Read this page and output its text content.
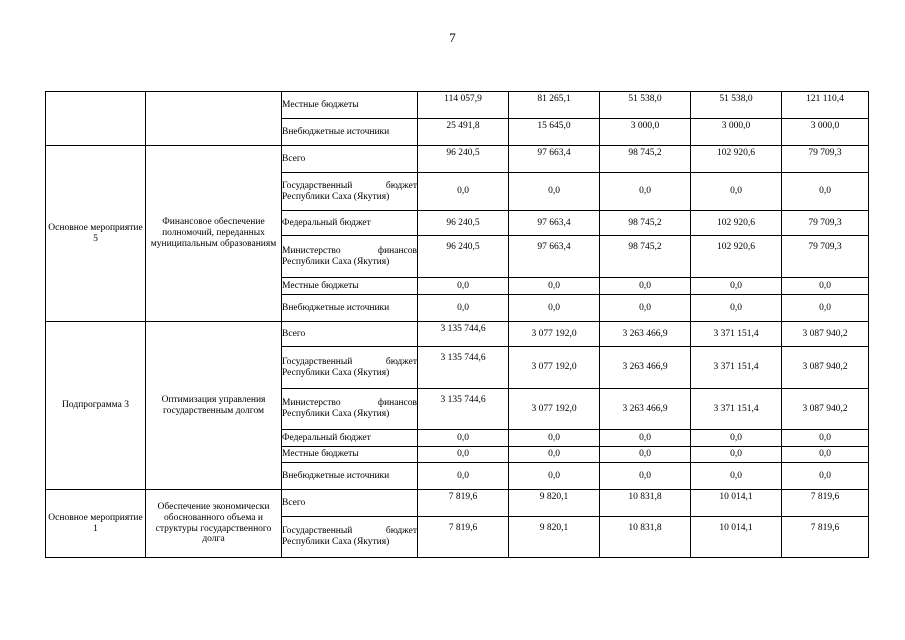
7
		Местные бюджеты	114 057,9	81 265,1	51 538,0	51 538,0	121 110,4
		Внебюджетные источники	25 491,8	15 645,0	3 000,0	3 000,0	3 000,0
Основное мероприятие 5	Финансовое обеспечение полномочий, переданных муниципальным образованиям	Всего	96 240,5	97 663,4	98 745,2	102 920,6	79 709,3
		Государственный бюджет Республики Саха (Якутия)	0,0	0,0	0,0	0,0	0,0
		Федеральный бюджет	96 240,5	97 663,4	98 745,2	102 920,6	79 709,3
		Министерство финансов Республики Саха (Якутия)	96 240,5	97 663,4	98 745,2	102 920,6	79 709,3
		Местные бюджеты	0,0	0,0	0,0	0,0	0,0
		Внебюджетные источники	0,0	0,0	0,0	0,0	0,0
Подпрограмма 3	Оптимизация управления государственным долгом	Всего	3 135 744,6	3 077 192,0	3 263 466,9	3 371 151,4	3 087 940,2
		Государственный бюджет Республики Саха (Якутия)	3 135 744,6	3 077 192,0	3 263 466,9	3 371 151,4	3 087 940,2
		Министерство финансов Республики Саха (Якутия)	3 135 744,6	3 077 192,0	3 263 466,9	3 371 151,4	3 087 940,2
		Федеральный бюджет	0,0	0,0	0,0	0,0	0,0
		Местные бюджеты	0,0	0,0	0,0	0,0	0,0
		Внебюджетные источники	0,0	0,0	0,0	0,0	0,0
Основное мероприятие 1	Обеспечение экономически обоснованного объема и структуры государственного долга	Всего	7 819,6	9 820,1	10 831,8	10 014,1	7 819,6
		Государственный бюджет Республики Саха (Якутия)	7 819,6	9 820,1	10 831,8	10 014,1	7 819,6
